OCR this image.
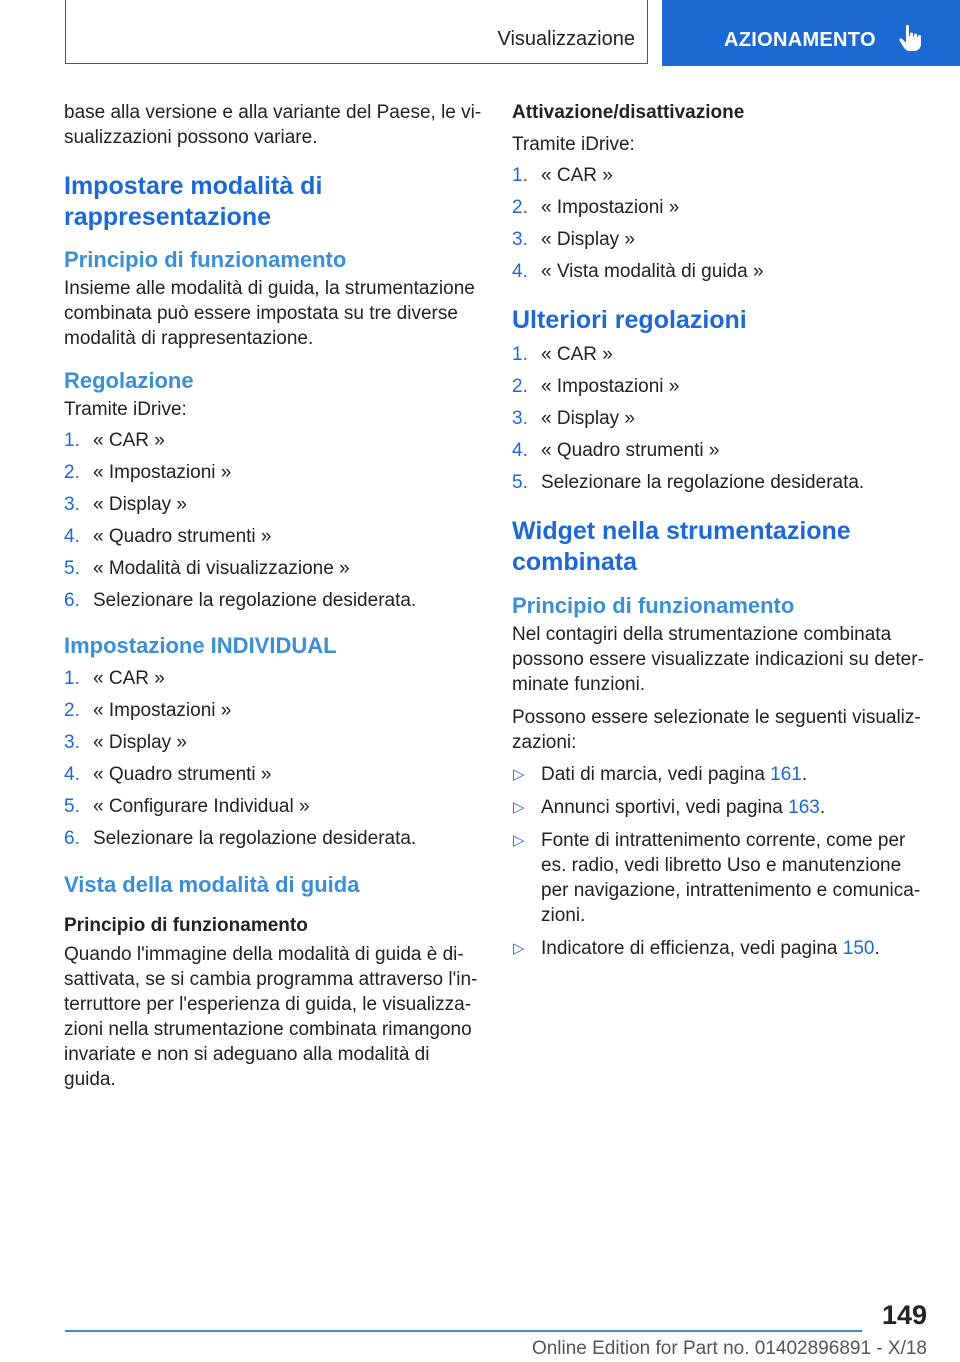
Visualizzazione	AZIONAMENTO

base alla versione e alla variante del Paese, le visualizzazioni possono variare.

Impostare modalità di rappresentazione
Principio di funzionamento

Insieme alle modalità di guida, la strumentazione combinata può essere impostata su tre diverse modalità di rappresentazione.

Regolazione

Tramite iDrive:

1. « CAR »
2. « Impostazioni »
3. « Display »
4. « Quadro strumenti »
5. « Modalità di visualizzazione »
6. Selezionare la regolazione desiderata.
Impostazione INDIVIDUAL
1. « CAR »
2. « Impostazioni »
3. « Display »
4. « Quadro strumenti »
5. « Configurare Individual »
6. Selezionare la regolazione desiderata.
Vista della modalità di guida
Principio di funzionamento

Quando l'immagine della modalità di guida è disattivata, se si cambia programma attraverso l'interruttore per l'esperienza di guida, le visualizzazioni nella strumentazione combinata rimangono invariate e non si adeguano alla modalità di guida.

Attivazione/disattivazione

Tramite iDrive:

1. « CAR »
2. « Impostazioni »
3. « Display »
4. « Vista modalità di guida »
Ulteriori regolazioni
1. « CAR »
2. « Impostazioni »
3. « Display »
4. « Quadro strumenti »
5. Selezionare la regolazione desiderata.
Widget nella strumentazione combinata
Principio di funzionamento

Nel contagiri della strumentazione combinata possono essere visualizzate indicazioni su determinate funzioni.

Possono essere selezionate le seguenti visualizzazioni:

▷ Dati di marcia, vedi pagina 161.
▷ Annunci sportivi, vedi pagina 163.
▷ Fonte di intrattenimento corrente, come per es. radio, vedi libretto Uso e manutenzione per navigazione, intrattenimento e comunicazioni.
▷ Indicatore di efficienza, vedi pagina 150.
149
Online Edition for Part no. 01402896891 - X/18
